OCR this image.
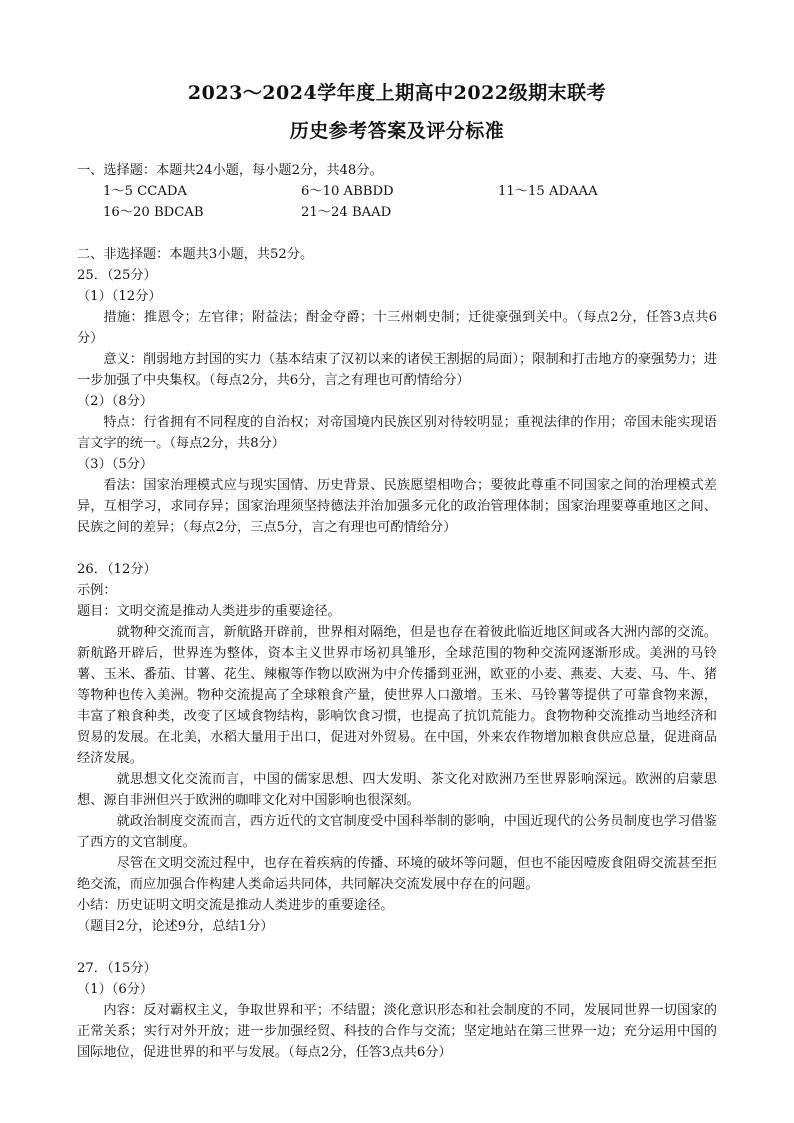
2023～2024学年度上期高中2022级期末联考
历史参考答案及评分标准
一、选择题：本题共24小题，每小题2分，共48分。
1～5 CCADA	6～10 ABBDD	11～15 ADAAA
16～20 BDCAB	21～24 BAAD
二、非选择题：本题共3小题，共52分。
25．（25分）
（1）（12分）
措施：推恩令；左官律；附益法；酎金夺爵；十三州刺史制；迁徙豪强到关中。（每点2分，任答3点共6分）
意义：削弱地方封国的实力（基本结束了汉初以来的诸侯王割据的局面）；限制和打击地方的豪强势力；进一步加强了中央集权。（每点2分，共6分，言之有理也可酌情给分）
（2）（8分）
特点：行省拥有不同程度的自治权；对帝国境内民族区别对待较明显；重视法律的作用；帝国未能实现语言文字的统一。（每点2分，共8分）
（3）（5分）
看法：国家治理模式应与现实国情、历史背景、民族愿望相吻合；要彼此尊重不同国家之间的治理模式差异，互相学习，求同存异；国家治理须坚持德法并治加强多元化的政治管理体制；国家治理要尊重地区之间、民族之间的差异；（每点2分，三点5分，言之有理也可酌情给分）
26．（12分）
示例：
题目：文明交流是推动人类进步的重要途径。
就物种交流而言，新航路开辟前，世界相对隔绝，但是也存在着彼此临近地区间或各大洲内部的交流。新航路开辟后，世界连为整体，资本主义世界市场初具雏形，全球范围的物种交流网逐渐形成。美洲的马铃薯、玉米、番茄、甘薯、花生、辣椒等作物以欧洲为中介传播到亚洲，欧亚的小麦、燕麦、大麦、马、牛、猪等物种也传入美洲。物种交流提高了全球粮食产量，使世界人口激增。玉米、马铃薯等提供了可靠食物来源，丰富了粮食种类，改变了区域食物结构，影响饮食习惯，也提高了抗饥荒能力。食物物种交流推动当地经济和贸易的发展。在北美，水稻大量用于出口，促进对外贸易。在中国，外来农作物增加粮食供应总量，促进商品经济发展。
就思想文化交流而言，中国的儒家思想、四大发明、茶文化对欧洲乃至世界影响深远。欧洲的启蒙思想、源自非洲但兴于欧洲的咖啡文化对中国影响也很深刻。
就政治制度交流而言，西方近代的文官制度受中国科举制的影响，中国近现代的公务员制度也学习借鉴了西方的文官制度。
尽管在文明交流过程中，也存在着疾病的传播、环境的破坏等问题，但也不能因噎废食阻碍交流甚至拒绝交流，而应加强合作构建人类命运共同体，共同解决交流发展中存在的问题。
小结：历史证明文明交流是推动人类进步的重要途径。
（题目2分，论述9分，总结1分）
27．（15分）
（1）（6分）
内容：反对霸权主义，争取世界和平；不结盟；淡化意识形态和社会制度的不同，发展同世界一切国家的正常关系；实行对外开放；进一步加强经贸、科技的合作与交流；坚定地站在第三世界一边；充分运用中国的国际地位，促进世界的和平与发展。（每点2分，任答3点共6分）
